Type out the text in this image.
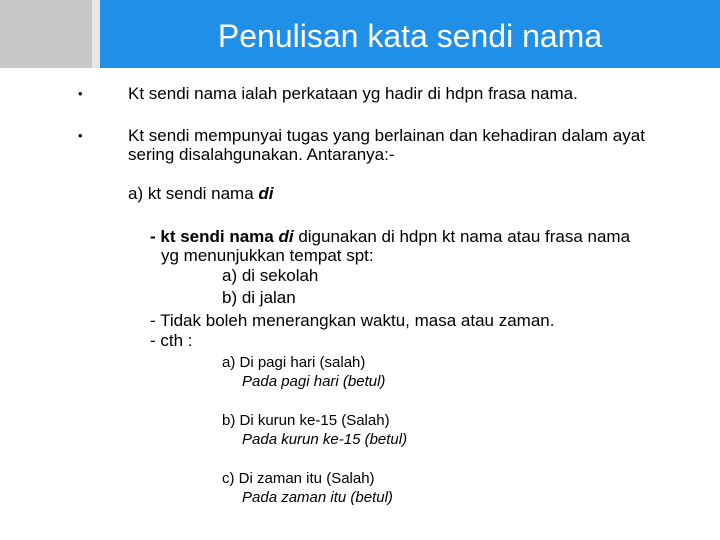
Penulisan kata sendi nama
•	Kt sendi nama ialah perkataan yg hadir di hdpn frasa nama.
•	Kt sendi mempunyai tugas yang berlainan dan kehadiran dalam ayat
sering disalahgunakan. Antaranya:-
a) kt sendi nama di
- kt sendi nama di digunakan di hdpn kt nama atau frasa nama
yg menunjukkan tempat spt:
a) di sekolah
b) di jalan
- Tidak boleh menerangkan waktu, masa atau zaman.
- cth :
a) Di pagi hari (salah)
Pada pagi hari (betul)
b) Di kurun ke-15 (Salah)
Pada kurun ke-15 (betul)
c) Di zaman itu (Salah)
Pada zaman itu (betul)
